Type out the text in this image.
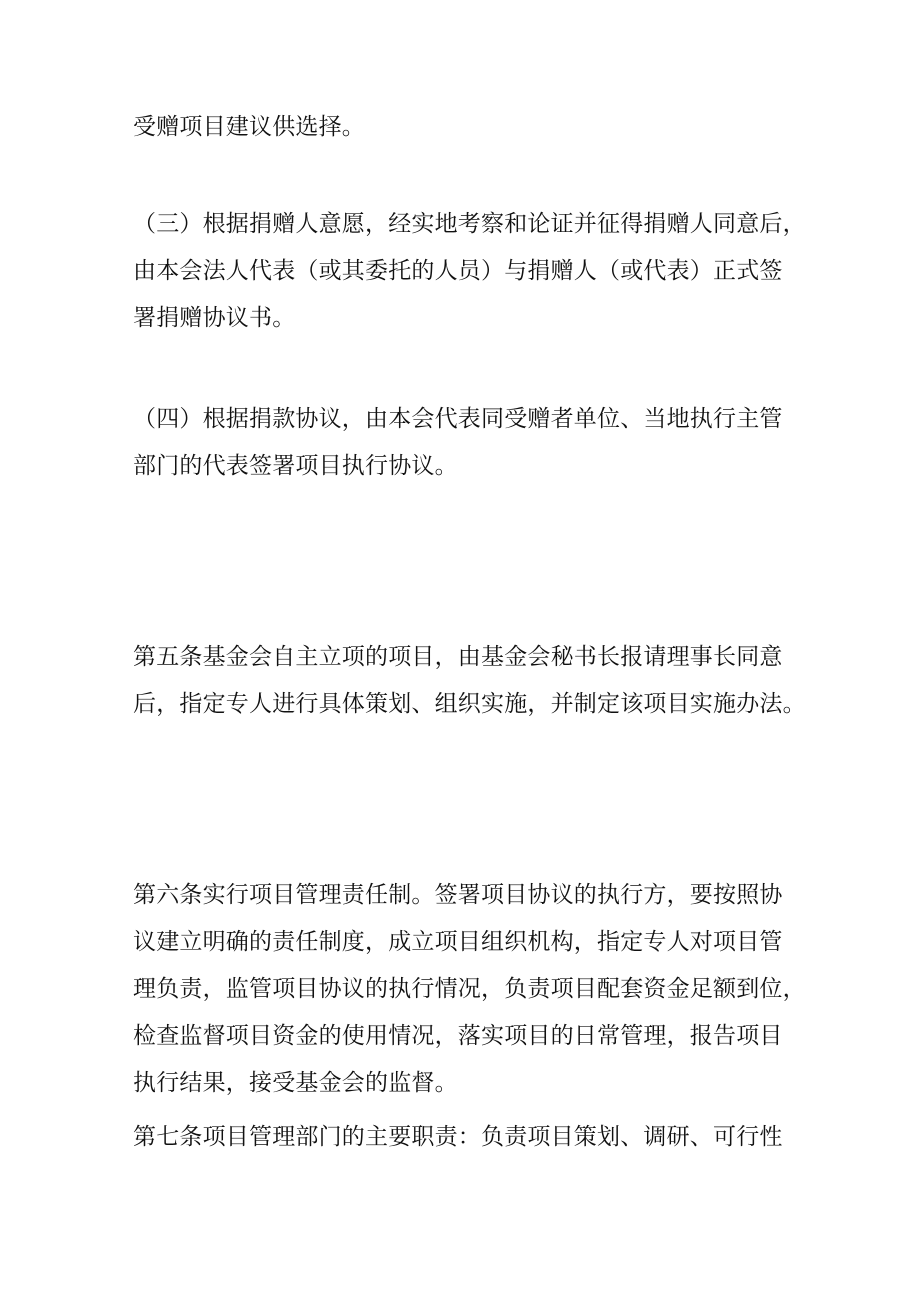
受赠项目建议供选择。

（三）根据捐赠人意愿，经实地考察和论证并征得捐赠人同意后，
由本会法人代表（或其委托的人员）与捐赠人（或代表）正式签
署捐赠协议书。

（四）根据捐款协议，由本会代表同受赠者单位、当地执行主管
部门的代表签署项目执行协议。

第五条基金会自主立项的项目，由基金会秘书长报请理事长同意
后，指定专人进行具体策划、组织实施，并制定该项目实施办法。

第六条实行项目管理责任制。签署项目协议的执行方，要按照协
议建立明确的责任制度，成立项目组织机构，指定专人对项目管
理负责，监管项目协议的执行情况，负责项目配套资金足额到位，
检查监督项目资金的使用情况，落实项目的日常管理，报告项目
执行结果，接受基金会的监督。

第七条项目管理部门的主要职责：负责项目策划、调研、可行性
